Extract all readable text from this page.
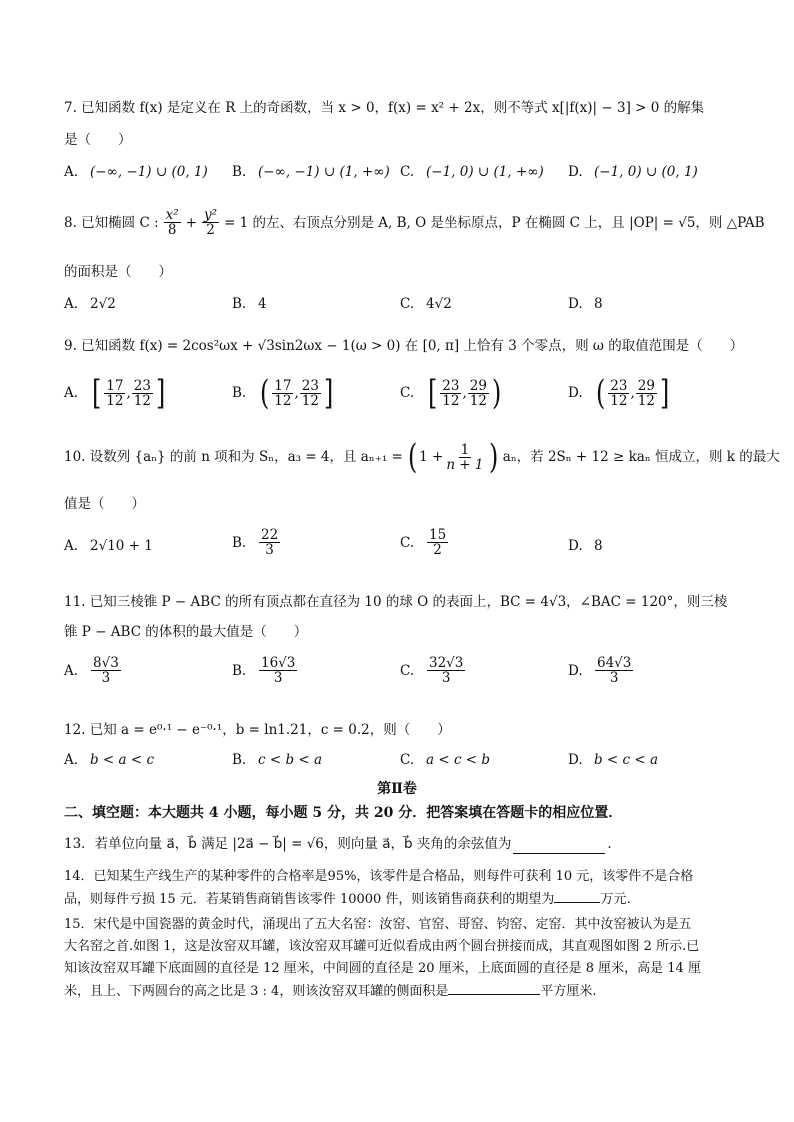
7. 已知函数 f(x) 是定义在 R 上的奇函数，当 x > 0，f(x) = x² + 2x，则不等式 x[|f(x)| − 3] > 0 的解集
是（　　）
A. (−∞, −1) ∪ (0, 1) B. (−∞, −1) ∪ (1, +∞) C. (−1, 0) ∪ (1, +∞) D. (−1, 0) ∪ (0, 1)
8. 已知椭圆 C : $\frac{\text{x²}}{8} + \frac{\text{y²}}{2} = 1$ 的左、右顶点分别是 A, B, O 是坐标原点，P 在椭圆 C 上，且 |OP| = √5，则 △PAB
的面积是（　　）
A. 2√2	B. 4	C. 4√2	D. 8
9. 已知函数 f(x) = 2cos²ωx + √3sin2ωx − 1(ω > 0) 在 [0, π] 上恰有 3 个零点，则 ω 的取值范围是（　　）
A. [ $\frac{17}{12}$ , $\frac{23}{12}$ ]	B. ( $\frac{17}{12}$ , $\frac{23}{12}$ ]	C. [ $\frac{23}{12}$ , $\frac{29}{12}$ )	D. ( $\frac{23}{12}$ , $\frac{29}{12}$ ]
10. 设数列 {aₙ} 的前 n 项和为 Sₙ，a₃ = 4，且 aₙ₊₁ = ( $1 + \frac{1}{n + 1}$ ) aₙ，若 2Sₙ + 12 ≥ kaₙ 恒成立，则 k 的最大
值是（　　）
A. 2√10 + 1	B. $\frac{22}{3}$	C. $\frac{15}{2}$	D. 8
11. 已知三棱锥 P − ABC 的所有顶点都在直径为 10 的球 O 的表面上，BC = 4√3，∠BAC = 120°，则三棱
锥 P − ABC 的体积的最大值是（　　）
A. $\frac{8√3}{3}$	B. $\frac{16√3}{3}$	C. $\frac{32√3}{3}$	D. $\frac{64√3}{3}$
12. 已知 a = e⁰·¹ − e⁻⁰·¹，b = ln1.21，c = 0.2，则（　　）
A. b < a < c	B. c < b < a	C. a < c < b	D. b < c < a
第Ⅱ卷
二、填空题：本大题共 4 小题，每小题 5 分，共 20 分．把答案填在答题卡的相应位置．
13．若单位向量 a⃗，b⃗ 满足 |2a⃗ − b⃗| = √6，则向量 a⃗，b⃗ 夹角的余弦值为	.
14．已知某生产线生产的某种零件的合格率是95%，该零件是合格品，则每件可获利 10 元，该零件不是合格
品，则每件亏损 15 元．若某销售商销售该零件 10000 件，则该销售商获利的期望为	万元.
15．宋代是中国瓷器的黄金时代，涌现出了五大名窑：汝窑、官窑、哥窑、钧窑、定窑．其中汝窑被认为是五
大名窑之首.如图 1，这是汝窑双耳罐，该汝窑双耳罐可近似看成由两个圆台拼接而成，其直观图如图 2 所示.已
知该汝窑双耳罐下底面圆的直径是 12 厘米，中间圆的直径是 20 厘米，上底面圆的直径是 8 厘米，高是 14 厘
米，且上、下两圆台的高之比是 3 : 4，则该汝窑双耳罐的侧面积是	平方厘米.
